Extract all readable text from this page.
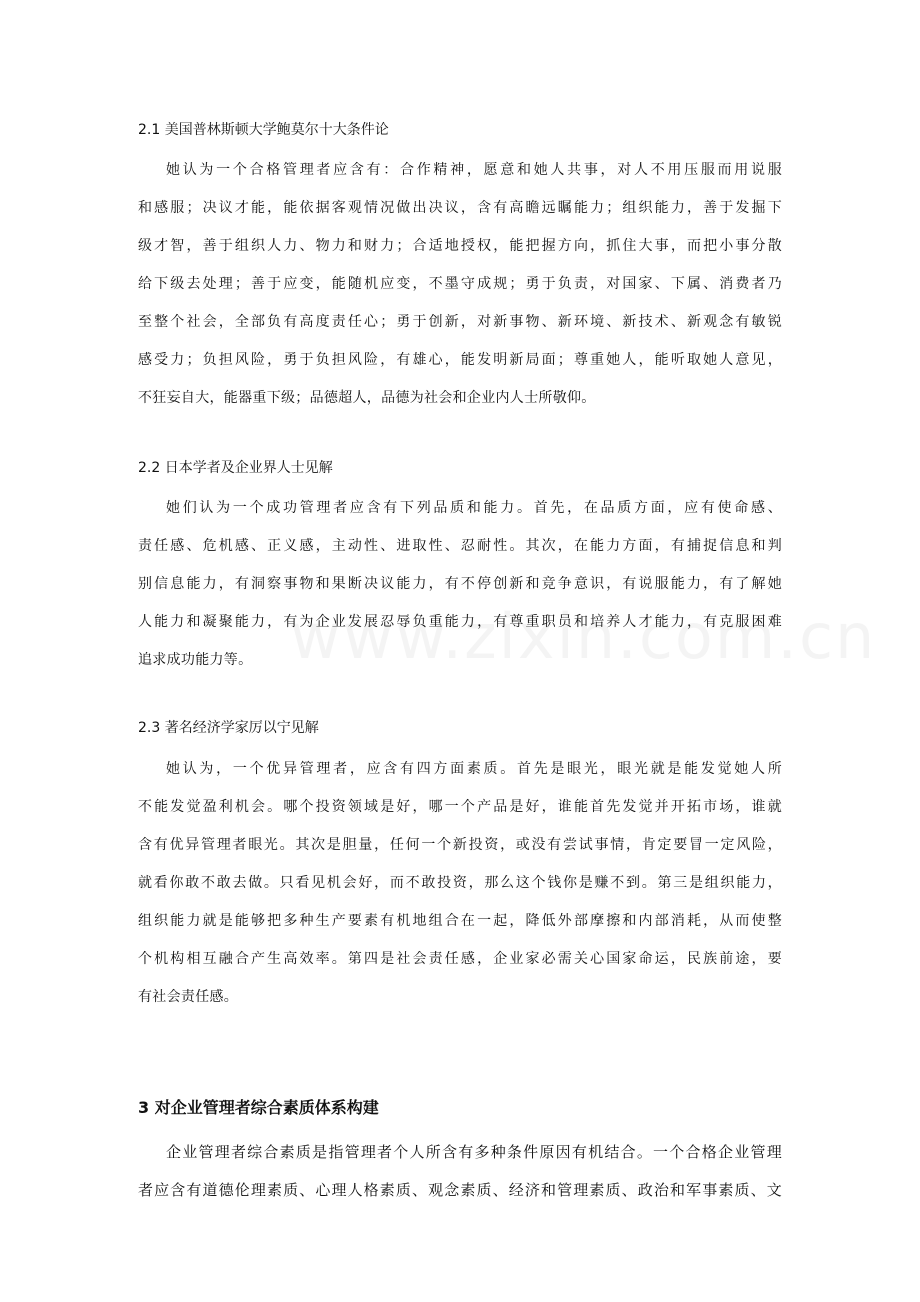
2.1 美国普林斯顿大学鲍莫尔十大条件论
她认为一个合格管理者应含有：合作精神，愿意和她人共事，对人不用压服而用说服
和感服；决议才能，能依据客观情况做出决议，含有高瞻远瞩能力；组织能力，善于发掘下
级才智，善于组织人力、物力和财力；合适地授权，能把握方向，抓住大事，而把小事分散
给下级去处理；善于应变，能随机应变，不墨守成规；勇于负责，对国家、下属、消费者乃
至整个社会，全部负有高度责任心；勇于创新，对新事物、新环境、新技术、新观念有敏锐
感受力；负担风险，勇于负担风险，有雄心，能发明新局面；尊重她人，能听取她人意见，
不狂妄自大，能器重下级；品德超人，品德为社会和企业内人士所敬仰。
2.2 日本学者及企业界人士见解
她们认为一个成功管理者应含有下列品质和能力。首先，在品质方面，应有使命感、
责任感、危机感、正义感，主动性、进取性、忍耐性。其次，在能力方面，有捕捉信息和判
别信息能力，有洞察事物和果断决议能力，有不停创新和竞争意识，有说服能力，有了解她
人能力和凝聚能力，有为企业发展忍辱负重能力，有尊重职员和培养人才能力，有克服困难
追求成功能力等。
2.3 著名经济学家厉以宁见解
她认为，一个优异管理者，应含有四方面素质。首先是眼光，眼光就是能发觉她人所
不能发觉盈利机会。哪个投资领域是好，哪一个产品是好，谁能首先发觉并开拓市场，谁就
含有优异管理者眼光。其次是胆量，任何一个新投资，或没有尝试事情，肯定要冒一定风险，
就看你敢不敢去做。只看见机会好，而不敢投资，那么这个钱你是赚不到。第三是组织能力，
组织能力就是能够把多种生产要素有机地组合在一起，降低外部摩擦和内部消耗，从而使整
个机构相互融合产生高效率。第四是社会责任感，企业家必需关心国家命运，民族前途，要
有社会责任感。
3 对企业管理者综合素质体系构建
企业管理者综合素质是指管理者个人所含有多种条件原因有机结合。一个合格企业管理
者应含有道德伦理素质、心理人格素质、观念素质、经济和管理素质、政治和军事素质、文
